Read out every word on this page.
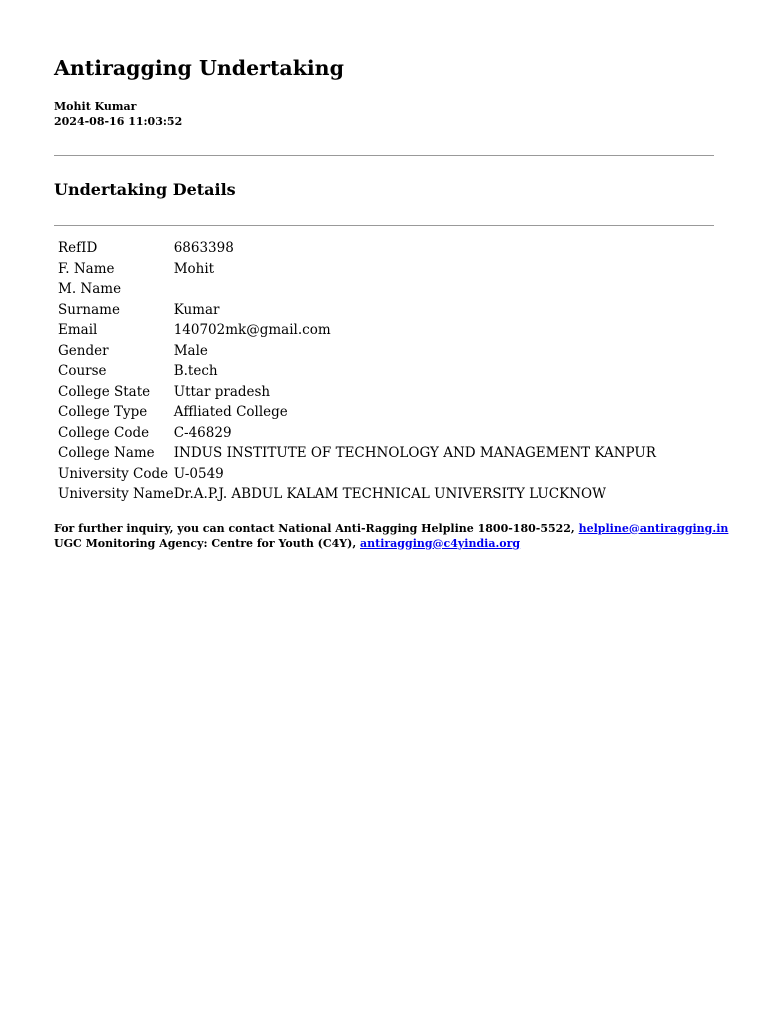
Antiragging Undertaking
Mohit Kumar
2024-08-16 11:03:52
Undertaking Details
RefID	6863398
F. Name	Mohit
M. Name	
Surname	Kumar
Email	140702mk@gmail.com
Gender	Male
Course	B.tech
College State	Uttar pradesh
College Type	Affliated College
College Code	C-46829
College Name	INDUS INSTITUTE OF TECHNOLOGY AND MANAGEMENT KANPUR
University Code	U-0549
University Name	Dr.A.P.J. ABDUL KALAM TECHNICAL UNIVERSITY LUCKNOW
For further inquiry, you can contact National Anti-Ragging Helpline 1800-180-5522, helpline@antiragging.in
UGC Monitoring Agency: Centre for Youth (C4Y), antiragging@c4yindia.org
